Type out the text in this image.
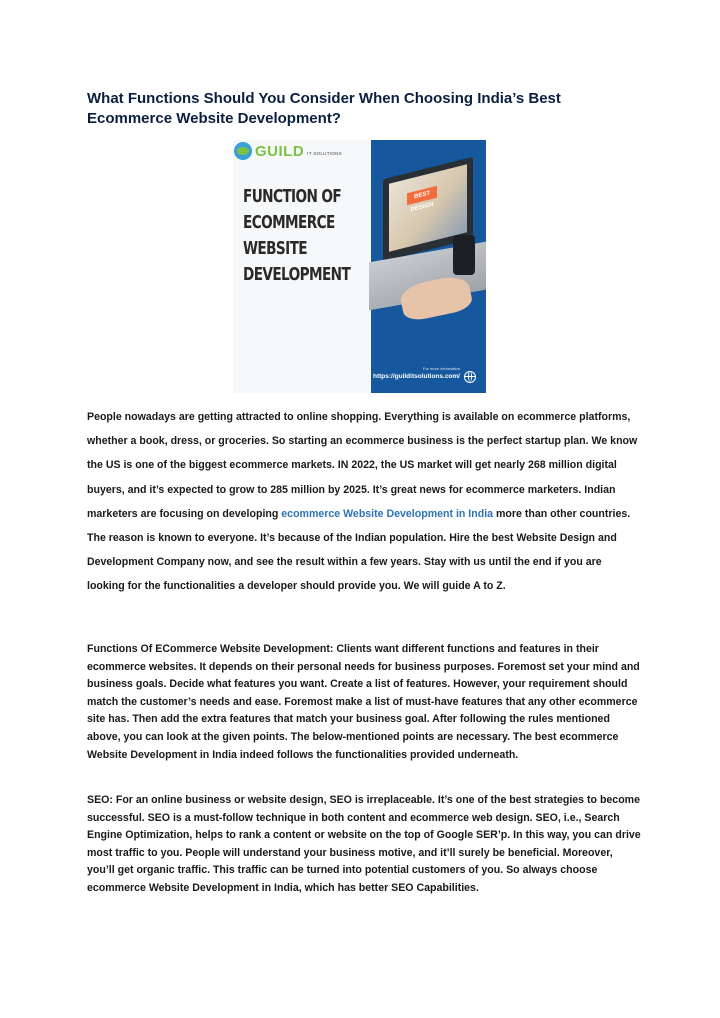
What Functions Should You Consider When Choosing India’s Best Ecommerce Website Development?
GUILD IT SOLUTIONS
FUNCTION OF
ECOMMERCE
WEBSITE
DEVELOPMENT
BEST DESIGN
For more information
https://guilditsolutions.com/

People nowadays are getting attracted to online shopping. Everything is available on ecommerce platforms, whether a book, dress, or groceries. So starting an ecommerce business is the perfect startup plan. We know the US is one of the biggest ecommerce markets. IN 2022, the US market will get nearly 268 million digital buyers, and it’s expected to grow to 285 million by 2025. It’s great news for ecommerce marketers. Indian marketers are focusing on developing ecommerce Website Development in India more than other countries. The reason is known to everyone. It’s because of the Indian population. Hire the best Website Design and Development Company now, and see the result within a few years. Stay with us until the end if you are looking for the functionalities a developer should provide you. We will guide A to Z.

Functions Of ECommerce Website Development: Clients want different functions and features in their ecommerce websites. It depends on their personal needs for business purposes. Foremost set your mind and business goals. Decide what features you want. Create a list of features. However, your requirement should match the customer’s needs and ease. Foremost make a list of must-have features that any other ecommerce site has. Then add the extra features that match your business goal. After following the rules mentioned above, you can look at the given points. The below-mentioned points are necessary. The best ecommerce Website Development in India indeed follows the functionalities provided underneath.

SEO: For an online business or website design, SEO is irreplaceable. It’s one of the best strategies to become successful. SEO is a must-follow technique in both content and ecommerce web design. SEO, i.e., Search Engine Optimization, helps to rank a content or website on the top of Google SER’p. In this way, you can drive most traffic to you. People will understand your business motive, and it’ll surely be beneficial. Moreover, you’ll get organic traffic. This traffic can be turned into potential customers of you. So always choose ecommerce Website Development in India, which has better SEO Capabilities.
